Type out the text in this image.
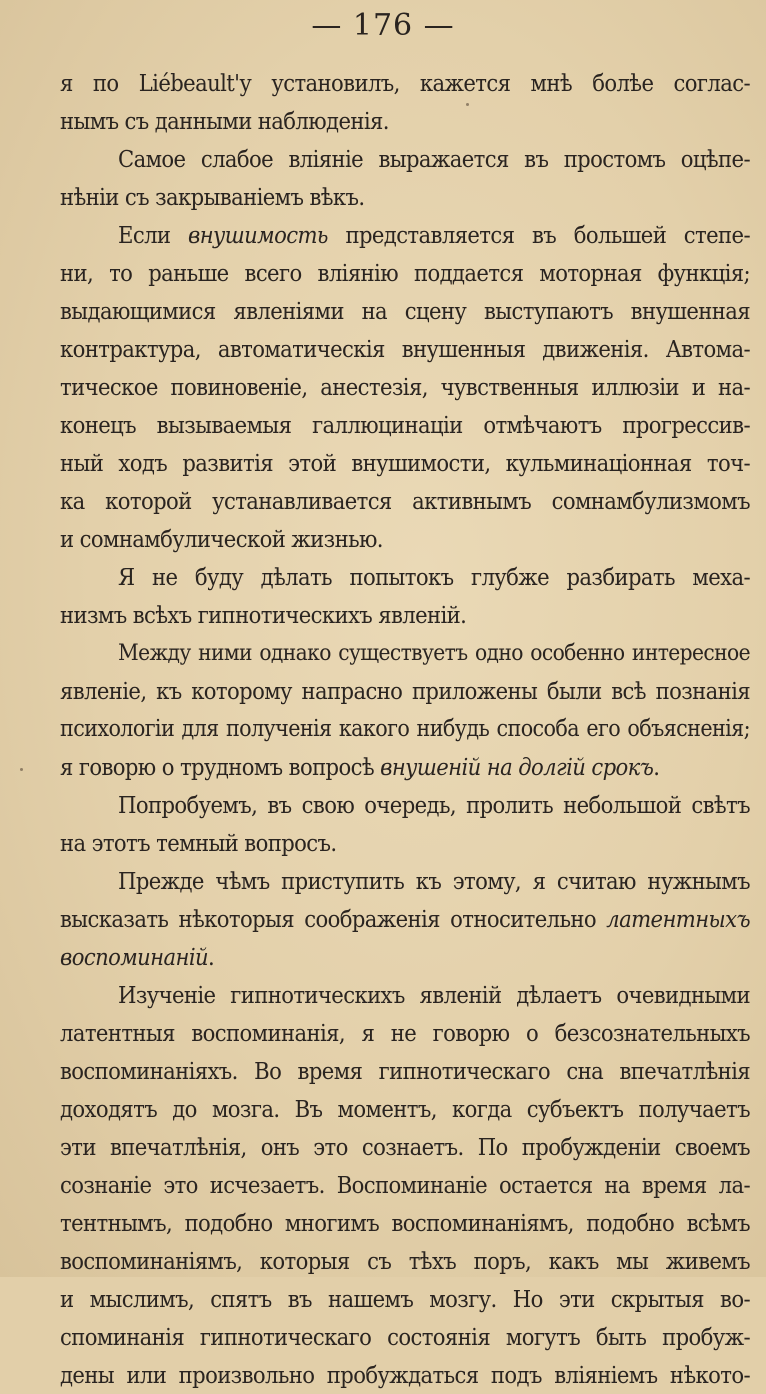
— 176 —
я по Liébeault'у установилъ, кажется мнѣ болѣе соглас-
нымъ съ данными наблюденія.
Самое слабое вліяніе выражается въ простомъ оцѣпе-
нѣніи съ закрываніемъ вѣкъ.
Если внушимость представляется въ большей степе-
ни, то раньше всего вліянію поддается моторная функція;
выдающимися явленіями на сцену выступаютъ внушенная
контрактура, автоматическія внушенныя движенія. Автома-
тическое повиновеніе, анестезія, чувственныя иллюзіи и на-
конецъ вызываемыя галлюцинаціи отмѣчаютъ прогрессив-
ный ходъ развитія этой внушимости, кульминаціонная точ-
ка которой устанавливается активнымъ сомнамбулизмомъ
и сомнамбулической жизнью.
Я не буду дѣлать попытокъ глубже разбирать меха-
низмъ всѣхъ гипнотическихъ явленій.
Между ними однако существуетъ одно особенно интересное
явленіе, къ которому напрасно приложены были всѣ познанія
психологіи для полученія какого нибудь способа его объясненія;
я говорю о трудномъ вопросѣ внушеній на долгій срокъ.
Попробуемъ, въ свою очередь, пролить небольшой свѣтъ
на этотъ темный вопросъ.
Прежде чѣмъ приступить къ этому, я считаю нужнымъ
высказать нѣкоторыя соображенія относительно латентныхъ
воспоминаній.
Изученіе гипнотическихъ явленій дѣлаетъ очевидными
латентныя воспоминанія, я не говорю о безсознательныхъ
воспоминаніяхъ. Во время гипнотическаго сна впечатлѣнія
доходятъ до мозга. Въ моментъ, когда субъектъ получаетъ
эти впечатлѣнія, онъ это сознаетъ. По пробужденіи своемъ
сознаніе это исчезаетъ. Воспоминаніе остается на время ла-
тентнымъ, подобно многимъ воспоминаніямъ, подобно всѣмъ
воспоминаніямъ, которыя съ тѣхъ поръ, какъ мы живемъ
и мыслимъ, спятъ въ нашемъ мозгу. Но эти скрытыя во-
споминанія гипнотическаго состоянія могутъ быть пробуж-
дены или произвольно пробуждаться подъ вліяніемъ нѣкото-
